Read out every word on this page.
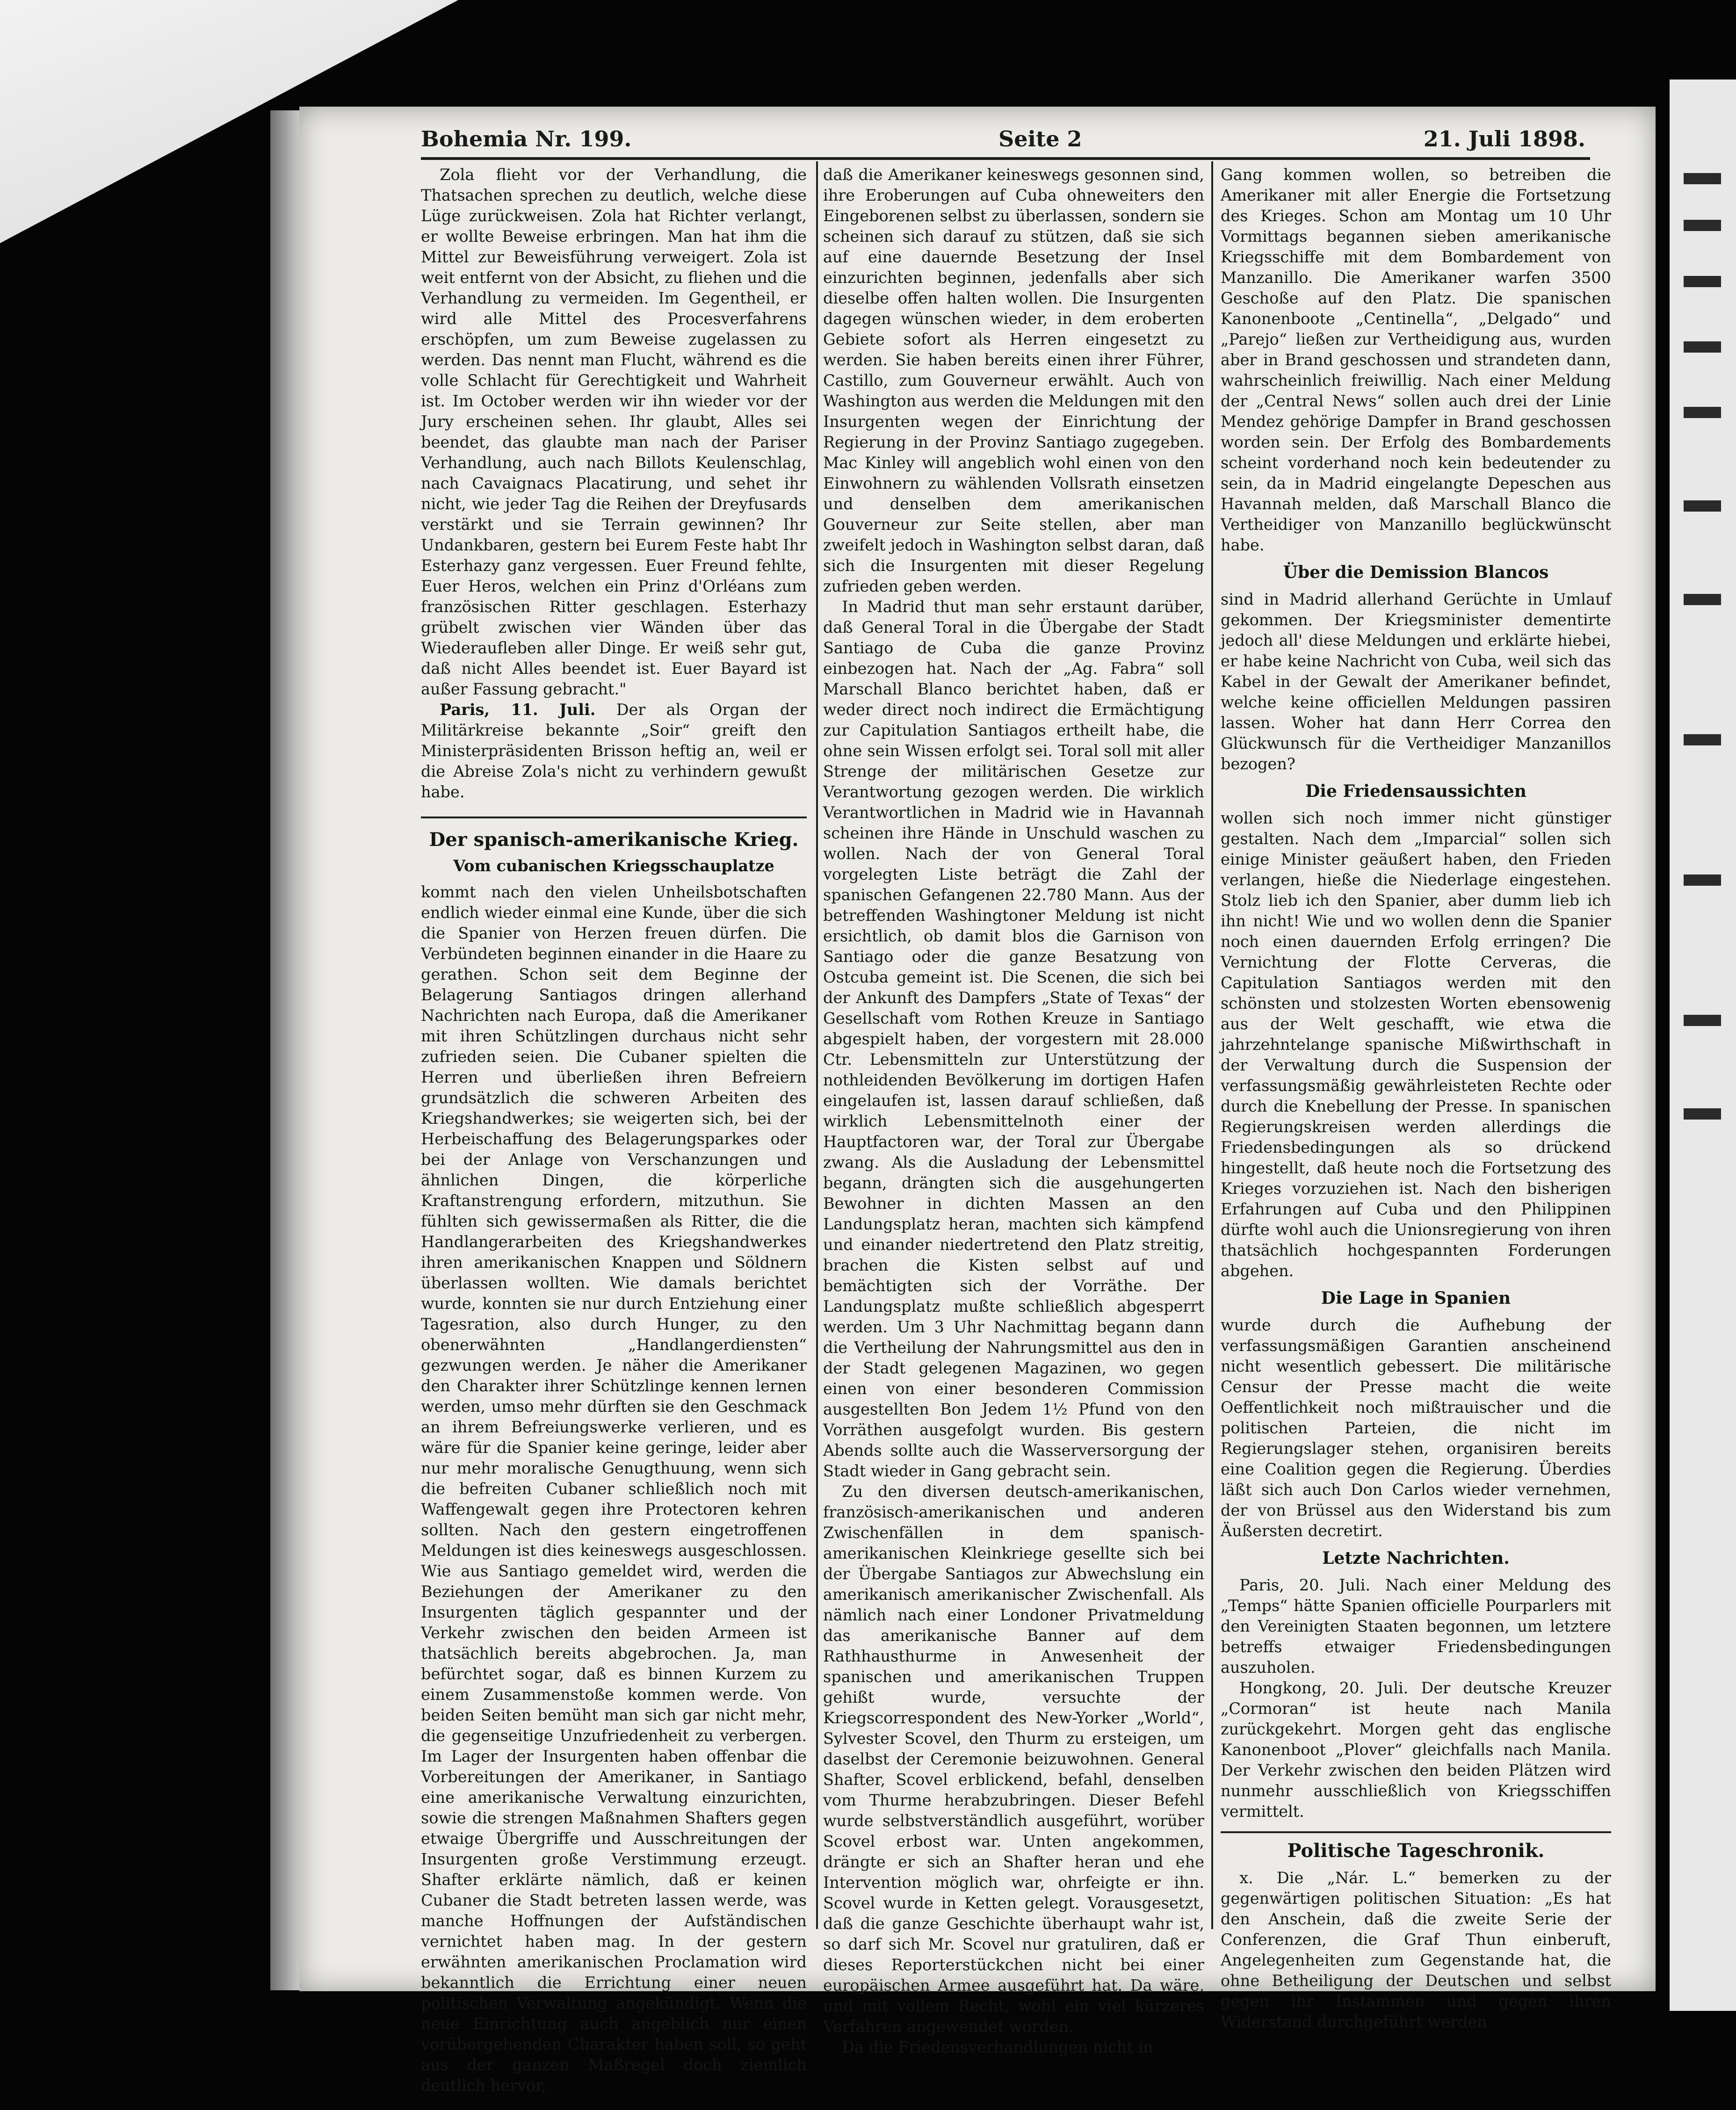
Bohemia Nr. 199.	Seite 2	21. Juli 1898.

Zola flieht vor der Verhandlung, die Thatsachen sprechen zu deutlich, welche diese Lüge zurückweisen. Zola hat Richter verlangt, er wollte Beweise erbringen. Man hat ihm die Mittel zur Beweisführung verweigert. Zola ist weit entfernt von der Absicht, zu fliehen und die Verhandlung zu vermeiden. Im Gegentheil, er wird alle Mittel des Procesverfahrens erschöpfen, um zum Beweise zugelassen zu werden. Das nennt man Flucht, während es die volle Schlacht für Gerechtigkeit und Wahrheit ist. Im October werden wir ihn wieder vor der Jury erscheinen sehen. Ihr glaubt, Alles sei beendet, das glaubte man nach der Pariser Verhandlung, auch nach Billots Keulenschlag, nach Cavaignacs Placatirung, und sehet ihr nicht, wie jeder Tag die Reihen der Dreyfusards verstärkt und sie Terrain gewinnen? Ihr Undankbaren, gestern bei Eurem Feste habt Ihr Esterhazy ganz vergessen. Euer Freund fehlte, Euer Heros, welchen ein Prinz d'Orléans zum französischen Ritter geschlagen. Esterhazy grübelt zwischen vier Wänden über das Wiederaufleben aller Dinge. Er weiß sehr gut, daß nicht Alles beendet ist. Euer Bayard ist außer Fassung gebracht."

Paris, 11. Juli. Der als Organ der Militärkreise bekannte „Soir“ greift den Ministerpräsidenten Brisson heftig an, weil er die Abreise Zola's nicht zu verhindern gewußt habe.

Der spanisch-amerikanische Krieg.
Vom cubanischen Kriegsschauplatze

kommt nach den vielen Unheilsbotschaften endlich wieder einmal eine Kunde, über die sich die Spanier von Herzen freuen dürfen. Die Verbündeten beginnen einander in die Haare zu gerathen. Schon seit dem Beginne der Belagerung Santiagos dringen allerhand Nachrichten nach Europa, daß die Amerikaner mit ihren Schützlingen durchaus nicht sehr zufrieden seien. Die Cubaner spielten die Herren und überließen ihren Befreiern grundsätzlich die schweren Arbeiten des Kriegshandwerkes; sie weigerten sich, bei der Herbeischaffung des Belagerungsparkes oder bei der Anlage von Verschanzungen und ähnlichen Dingen, die körperliche Kraftanstrengung erfordern, mitzuthun. Sie fühlten sich gewissermaßen als Ritter, die die Handlangerarbeiten des Kriegshandwerkes ihren amerikanischen Knappen und Söldnern überlassen wollten. Wie damals berichtet wurde, konnten sie nur durch Entziehung einer Tagesration, also durch Hunger, zu den obenerwähnten „Handlangerdiensten“ gezwungen werden. Je näher die Amerikaner den Charakter ihrer Schützlinge kennen lernen werden, umso mehr dürften sie den Geschmack an ihrem Befreiungswerke verlieren, und es wäre für die Spanier keine geringe, leider aber nur mehr moralische Genugthuung, wenn sich die befreiten Cubaner schließlich noch mit Waffengewalt gegen ihre Protectoren kehren sollten. Nach den gestern eingetroffenen Meldungen ist dies keineswegs ausgeschlossen. Wie aus Santiago gemeldet wird, werden die Beziehungen der Amerikaner zu den Insurgenten täglich gespannter und der Verkehr zwischen den beiden Armeen ist thatsächlich bereits abgebrochen. Ja, man befürchtet sogar, daß es binnen Kurzem zu einem Zusammenstoße kommen werde. Von beiden Seiten bemüht man sich gar nicht mehr, die gegenseitige Unzufriedenheit zu verbergen. Im Lager der Insurgenten haben offenbar die Vorbereitungen der Amerikaner, in Santiago eine amerikanische Verwaltung einzurichten, sowie die strengen Maßnahmen Shafters gegen etwaige Übergriffe und Ausschreitungen der Insurgenten große Verstimmung erzeugt. Shafter erklärte nämlich, daß er keinen Cubaner die Stadt betreten lassen werde, was manche Hoffnungen der Aufständischen vernichtet haben mag. In der gestern erwähnten amerikanischen Proclamation wird bekanntlich die Errichtung einer neuen politischen Verwaltung angekündigt. Wenn die neue Einrichtung auch angeblich nur einen vorübergehenden Charakter haben soll, so geht aus der ganzen Maßregel doch ziemlich deutlich hervor,

daß die Amerikaner keineswegs gesonnen sind, ihre Eroberungen auf Cuba ohneweiters den Eingeborenen selbst zu überlassen, sondern sie scheinen sich darauf zu stützen, daß sie sich auf eine dauernde Besetzung der Insel einzurichten beginnen, jedenfalls aber sich dieselbe offen halten wollen. Die Insurgenten dagegen wünschen wieder, in dem eroberten Gebiete sofort als Herren eingesetzt zu werden. Sie haben bereits einen ihrer Führer, Castillo, zum Gouverneur erwählt. Auch von Washington aus werden die Meldungen mit den Insurgenten wegen der Einrichtung der Regierung in der Provinz Santiago zugegeben. Mac Kinley will angeblich wohl einen von den Einwohnern zu wählenden Vollsrath einsetzen und denselben dem amerikanischen Gouverneur zur Seite stellen, aber man zweifelt jedoch in Washington selbst daran, daß sich die Insurgenten mit dieser Regelung zufrieden geben werden.

In Madrid thut man sehr erstaunt darüber, daß General Toral in die Übergabe der Stadt Santiago de Cuba die ganze Provinz einbezogen hat. Nach der „Ag. Fabra“ soll Marschall Blanco berichtet haben, daß er weder direct noch indirect die Ermächtigung zur Capitulation Santiagos ertheilt habe, die ohne sein Wissen erfolgt sei. Toral soll mit aller Strenge der militärischen Gesetze zur Verantwortung gezogen werden. Die wirklich Verantwortlichen in Madrid wie in Havannah scheinen ihre Hände in Unschuld waschen zu wollen. Nach der von General Toral vorgelegten Liste beträgt die Zahl der spanischen Gefangenen 22.780 Mann. Aus der betreffenden Washingtoner Meldung ist nicht ersichtlich, ob damit blos die Garnison von Santiago oder die ganze Besatzung von Ostcuba gemeint ist. Die Scenen, die sich bei der Ankunft des Dampfers „State of Texas“ der Gesellschaft vom Rothen Kreuze in Santiago abgespielt haben, der vorgestern mit 28.000 Ctr. Lebensmitteln zur Unterstützung der nothleidenden Bevölkerung im dortigen Hafen eingelaufen ist, lassen darauf schließen, daß wirklich Lebensmittelnoth einer der Hauptfactoren war, der Toral zur Übergabe zwang. Als die Ausladung der Lebensmittel begann, drängten sich die ausgehungerten Bewohner in dichten Massen an den Landungsplatz heran, machten sich kämpfend und einander niedertretend den Platz streitig, brachen die Kisten selbst auf und bemächtigten sich der Vorräthe. Der Landungsplatz mußte schließlich abgesperrt werden. Um 3 Uhr Nachmittag begann dann die Vertheilung der Nahrungsmittel aus den in der Stadt gelegenen Magazinen, wo gegen einen von einer besonderen Commission ausgestellten Bon Jedem 1½ Pfund von den Vorräthen ausgefolgt wurden. Bis gestern Abends sollte auch die Wasserversorgung der Stadt wieder in Gang gebracht sein.

Zu den diversen deutsch-amerikanischen, französisch-amerikanischen und anderen Zwischenfällen in dem spanisch-amerikanischen Kleinkriege gesellte sich bei der Übergabe Santiagos zur Abwechslung ein amerikanisch amerikanischer Zwischenfall. Als nämlich nach einer Londoner Privatmeldung das amerikanische Banner auf dem Rathhausthurme in Anwesenheit der spanischen und amerikanischen Truppen gehißt wurde, versuchte der Kriegscorrespondent des New-Yorker „World“, Sylvester Scovel, den Thurm zu ersteigen, um daselbst der Ceremonie beizuwohnen. General Shafter, Scovel erblickend, befahl, denselben vom Thurme herabzubringen. Dieser Befehl wurde selbstverständlich ausgeführt, worüber Scovel erbost war. Unten angekommen, drängte er sich an Shafter heran und ehe Intervention möglich war, ohrfeigte er ihn. Scovel wurde in Ketten gelegt. Vorausgesetzt, daß die ganze Geschichte überhaupt wahr ist, so darf sich Mr. Scovel nur gratuliren, daß er dieses Reporterstückchen nicht bei einer europäischen Armee ausgeführt hat. Da wäre, und mit vollem Recht, wohl ein viel kürzeres Verfahren angewendet worden.

Da die Friedensverhandlungen nicht in

Gang kommen wollen, so betreiben die Amerikaner mit aller Energie die Fortsetzung des Krieges. Schon am Montag um 10 Uhr Vormittags begannen sieben amerikanische Kriegsschiffe mit dem Bombardement von Manzanillo. Die Amerikaner warfen 3500 Geschoße auf den Platz. Die spanischen Kanonenboote „Centinella“, „Delgado“ und „Parejo“ ließen zur Vertheidigung aus, wurden aber in Brand geschossen und strandeten dann, wahrscheinlich freiwillig. Nach einer Meldung der „Central News“ sollen auch drei der Linie Mendez gehörige Dampfer in Brand geschossen worden sein. Der Erfolg des Bombardements scheint vorderhand noch kein bedeutender zu sein, da in Madrid eingelangte Depeschen aus Havannah melden, daß Marschall Blanco die Vertheidiger von Manzanillo beglückwünscht habe.

Über die Demission Blancos

sind in Madrid allerhand Gerüchte in Umlauf gekommen. Der Kriegsminister dementirte jedoch all' diese Meldungen und erklärte hiebei, er habe keine Nachricht von Cuba, weil sich das Kabel in der Gewalt der Amerikaner befindet, welche keine officiellen Meldungen passiren lassen. Woher hat dann Herr Correa den Glückwunsch für die Vertheidiger Manzanillos bezogen?

Die Friedensaussichten

wollen sich noch immer nicht günstiger gestalten. Nach dem „Imparcial“ sollen sich einige Minister geäußert haben, den Frieden verlangen, hieße die Niederlage eingestehen. Stolz lieb ich den Spanier, aber dumm lieb ich ihn nicht! Wie und wo wollen denn die Spanier noch einen dauernden Erfolg erringen? Die Vernichtung der Flotte Cerveras, die Capitulation Santiagos werden mit den schönsten und stolzesten Worten ebensowenig aus der Welt geschafft, wie etwa die jahrzehntelange spanische Mißwirthschaft in der Verwaltung durch die Suspension der verfassungsmäßig gewährleisteten Rechte oder durch die Knebellung der Presse. In spanischen Regierungskreisen werden allerdings die Friedensbedingungen als so drückend hingestellt, daß heute noch die Fortsetzung des Krieges vorzuziehen ist. Nach den bisherigen Erfahrungen auf Cuba und den Philippinen dürfte wohl auch die Unionsregierung von ihren thatsächlich hochgespannten Forderungen abgehen.

Die Lage in Spanien

wurde durch die Aufhebung der verfassungsmäßigen Garantien anscheinend nicht wesentlich gebessert. Die militärische Censur der Presse macht die weite Oeffentlichkeit noch mißtrauischer und die politischen Parteien, die nicht im Regierungslager stehen, organisiren bereits eine Coalition gegen die Regierung. Überdies läßt sich auch Don Carlos wieder vernehmen, der von Brüssel aus den Widerstand bis zum Äußersten decretirt.

Letzte Nachrichten.

Paris, 20. Juli. Nach einer Meldung des „Temps“ hätte Spanien officielle Pourparlers mit den Vereinigten Staaten begonnen, um letztere betreffs etwaiger Friedensbedingungen auszuholen.

Hongkong, 20. Juli. Der deutsche Kreuzer „Cormoran“ ist heute nach Manila zurückgekehrt. Morgen geht das englische Kanonenboot „Plover“ gleichfalls nach Manila. Der Verkehr zwischen den beiden Plätzen wird nunmehr ausschließlich von Kriegsschiffen vermittelt.

Politische Tageschronik.

x. Die „Nár. L.“ bemerken zu der gegenwärtigen politischen Situation: „Es hat den Anschein, daß die zweite Serie der Conferenzen, die Graf Thun einberuft, Angelegenheiten zum Gegenstande hat, die ohne Betheiligung der Deutschen und selbst gegen ihr Instammen und gegen ihren Widerstand durchgeführt werden
